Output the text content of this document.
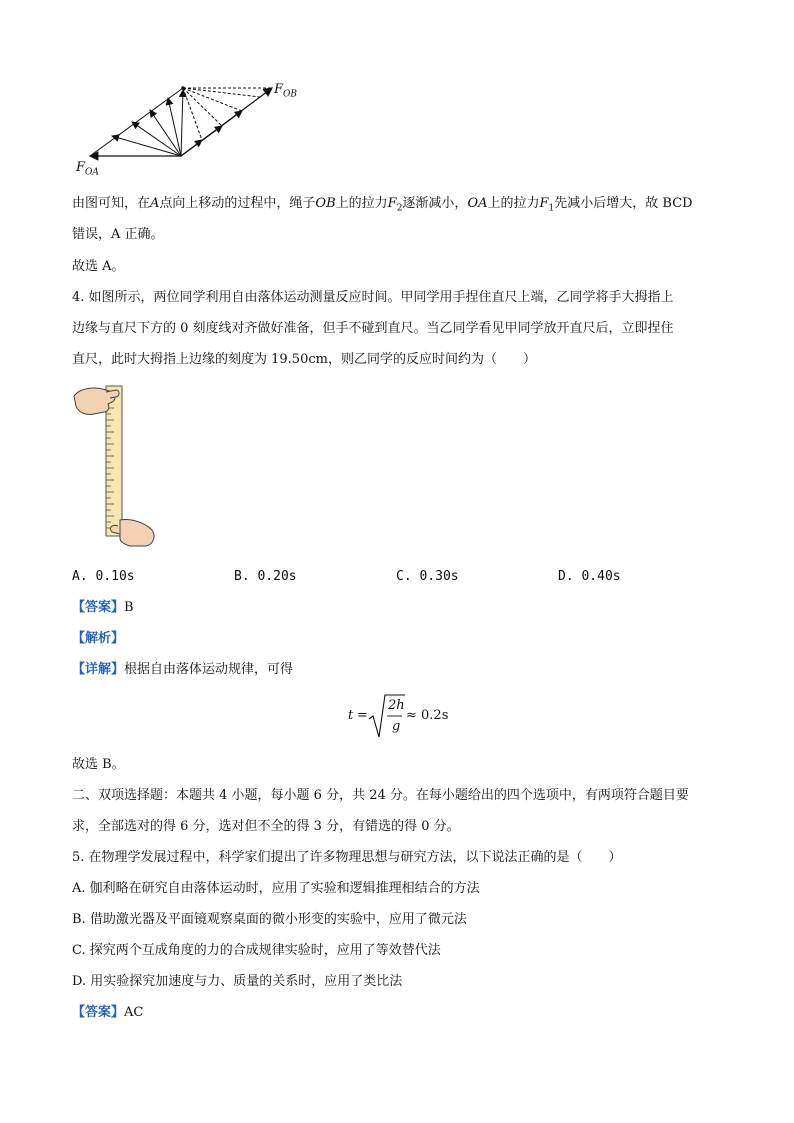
$F_{OB}$
$F_{OA}$
由图可知，在A点向上移动的过程中，绳子OB上的拉力$F_2$逐渐减小，OA上的拉力$F_1$先减小后增大，故 BCD
错误，A 正确。
故选 A。
4. 如图所示，两位同学利用自由落体运动测量反应时间。甲同学用手捏住直尺上端，乙同学将手大拇指上
边缘与直尺下方的 0 刻度线对齐做好准备，但手不碰到直尺。当乙同学看见甲同学放开直尺后，立即捏住
直尺，此时大拇指上边缘的刻度为 19.50cm，则乙同学的反应时间约为（　　）
A. 0.10s	B. 0.20s	C. 0.30s	D. 0.40s
【答案】B
【解析】
【详解】根据自由落体运动规律，可得
t =
2h
g
≈ 0.2s
故选 B。
二、双项选择题：本题共 4 小题，每小题 6 分，共 24 分。在每小题给出的四个选项中，有两项符合题目要
求，全部选对的得 6 分，选对但不全的得 3 分，有错选的得 0 分。
5. 在物理学发展过程中，科学家们提出了许多物理思想与研究方法，以下说法正确的是（　　）
A. 伽利略在研究自由落体运动时，应用了实验和逻辑推理相结合的方法
B. 借助激光器及平面镜观察桌面的微小形变的实验中，应用了微元法
C. 探究两个互成角度的力的合成规律实验时，应用了等效替代法
D. 用实验探究加速度与力、质量的关系时，应用了类比法
【答案】AC
